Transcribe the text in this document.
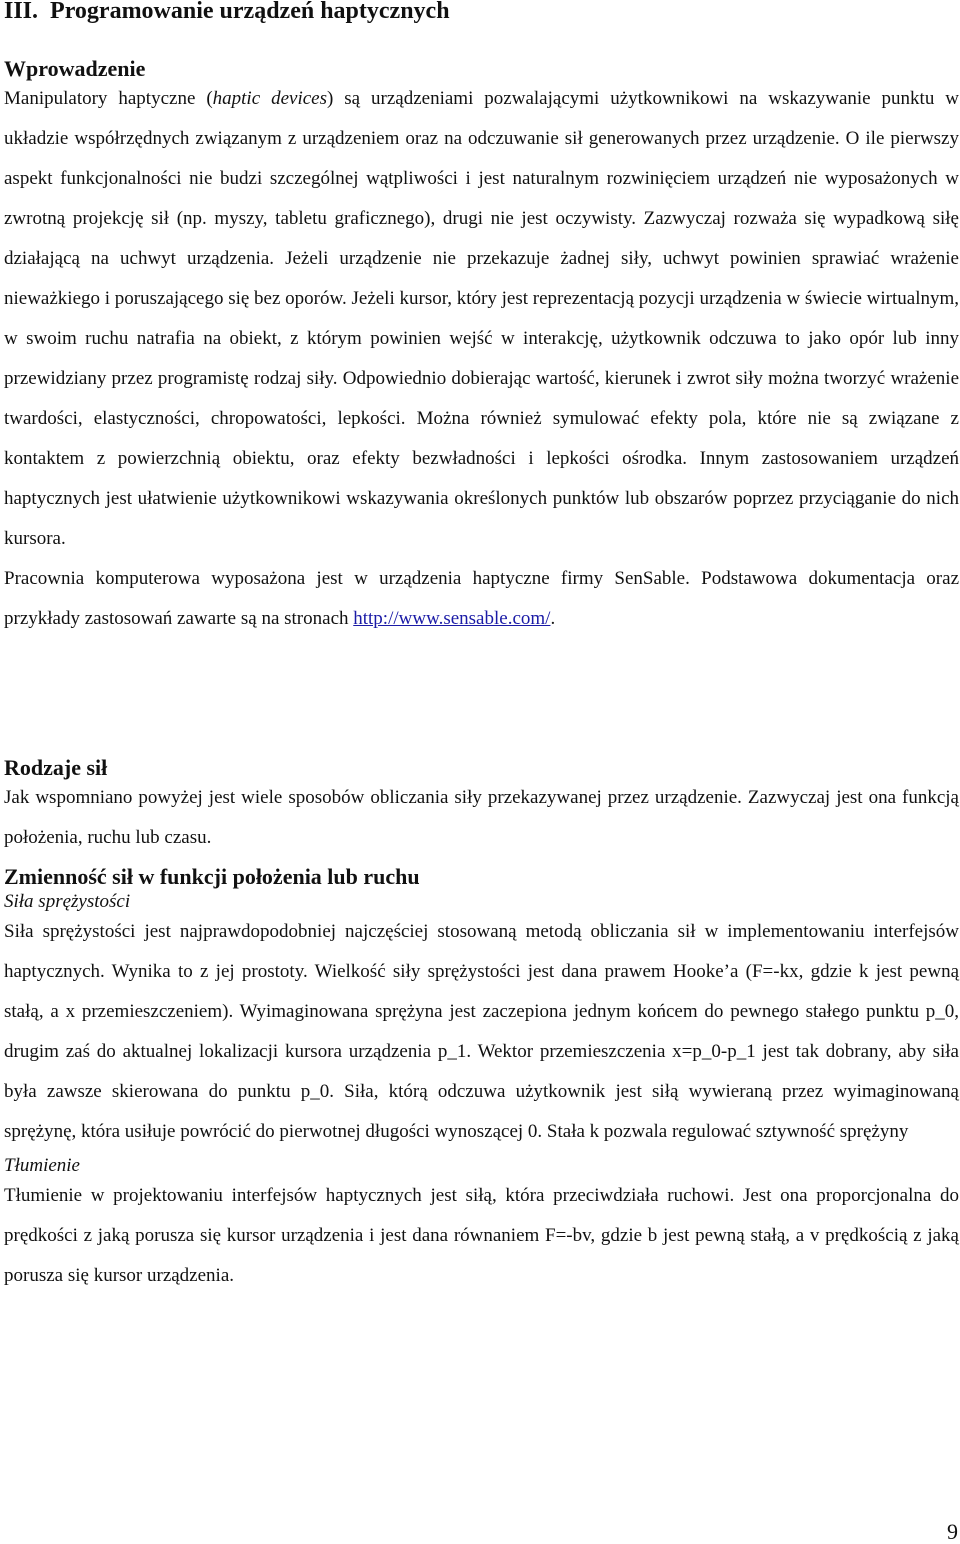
III. Programowanie urządzeń haptycznych
Wprowadzenie

Manipulatory haptyczne (haptic devices) są urządzeniami pozwalającymi użytkownikowi na wskazywanie punktu w układzie współrzędnych związanym z urządzeniem oraz na odczuwanie sił generowanych przez urządzenie. O ile pierwszy aspekt funkcjonalności nie budzi szczególnej wątpliwości i jest naturalnym rozwinięciem urządzeń nie wyposażonych w zwrotną projekcję sił (np. myszy, tabletu graficznego), drugi nie jest oczywisty. Zazwyczaj rozważa się wypadkową siłę działającą na uchwyt urządzenia. Jeżeli urządzenie nie przekazuje żadnej siły, uchwyt powinien sprawiać wrażenie nieważkiego i poruszającego się bez oporów. Jeżeli kursor, który jest reprezentacją pozycji urządzenia w świecie wirtualnym, w swoim ruchu natrafia na obiekt, z którym powinien wejść w interakcję, użytkownik odczuwa to jako opór lub inny przewidziany przez programistę rodzaj siły. Odpowiednio dobierając wartość, kierunek i zwrot siły można tworzyć wrażenie twardości, elastyczności, chropowatości, lepkości. Można również symulować efekty pola, które nie są związane z kontaktem z powierzchnią obiektu, oraz efekty bezwładności i lepkości ośrodka. Innym zastosowaniem urządzeń haptycznych jest ułatwienie użytkownikowi wskazywania określonych punktów lub obszarów poprzez przyciąganie do nich kursora.

Pracownia komputerowa wyposażona jest w urządzenia haptyczne firmy SenSable. Podstawowa dokumentacja oraz przykłady zastosowań zawarte są na stronach http://www.sensable.com/.

Rodzaje sił

Jak wspomniano powyżej jest wiele sposobów obliczania siły przekazywanej przez urządzenie. Zazwyczaj jest ona funkcją położenia, ruchu lub czasu.

Zmienność sił w funkcji położenia lub ruchu

Siła sprężystości

Siła sprężystości jest najprawdopodobniej najczęściej stosowaną metodą obliczania sił w implementowaniu interfejsów haptycznych. Wynika to z jej prostoty. Wielkość siły sprężystości jest dana prawem Hooke’a (F=-kx, gdzie k jest pewną stałą, a x przemieszczeniem). Wyimaginowana sprężyna jest zaczepiona jednym końcem do pewnego stałego punktu p_0, drugim zaś do aktualnej lokalizacji kursora urządzenia p_1. Wektor przemieszczenia x=p_0-p_1 jest tak dobrany, aby siła była zawsze skierowana do punktu p_0. Siła, którą odczuwa użytkownik jest siłą wywieraną przez wyimaginowaną sprężynę, która usiłuje powrócić do pierwotnej długości wynoszącej 0. Stała k pozwala regulować sztywność sprężyny

Tłumienie

Tłumienie w projektowaniu interfejsów haptycznych jest siłą, która przeciwdziała ruchowi. Jest ona proporcjonalna do prędkości z jaką porusza się kursor urządzenia i jest dana równaniem F=-bv, gdzie b jest pewną stałą, a v prędkością z jaką porusza się kursor urządzenia.

9
